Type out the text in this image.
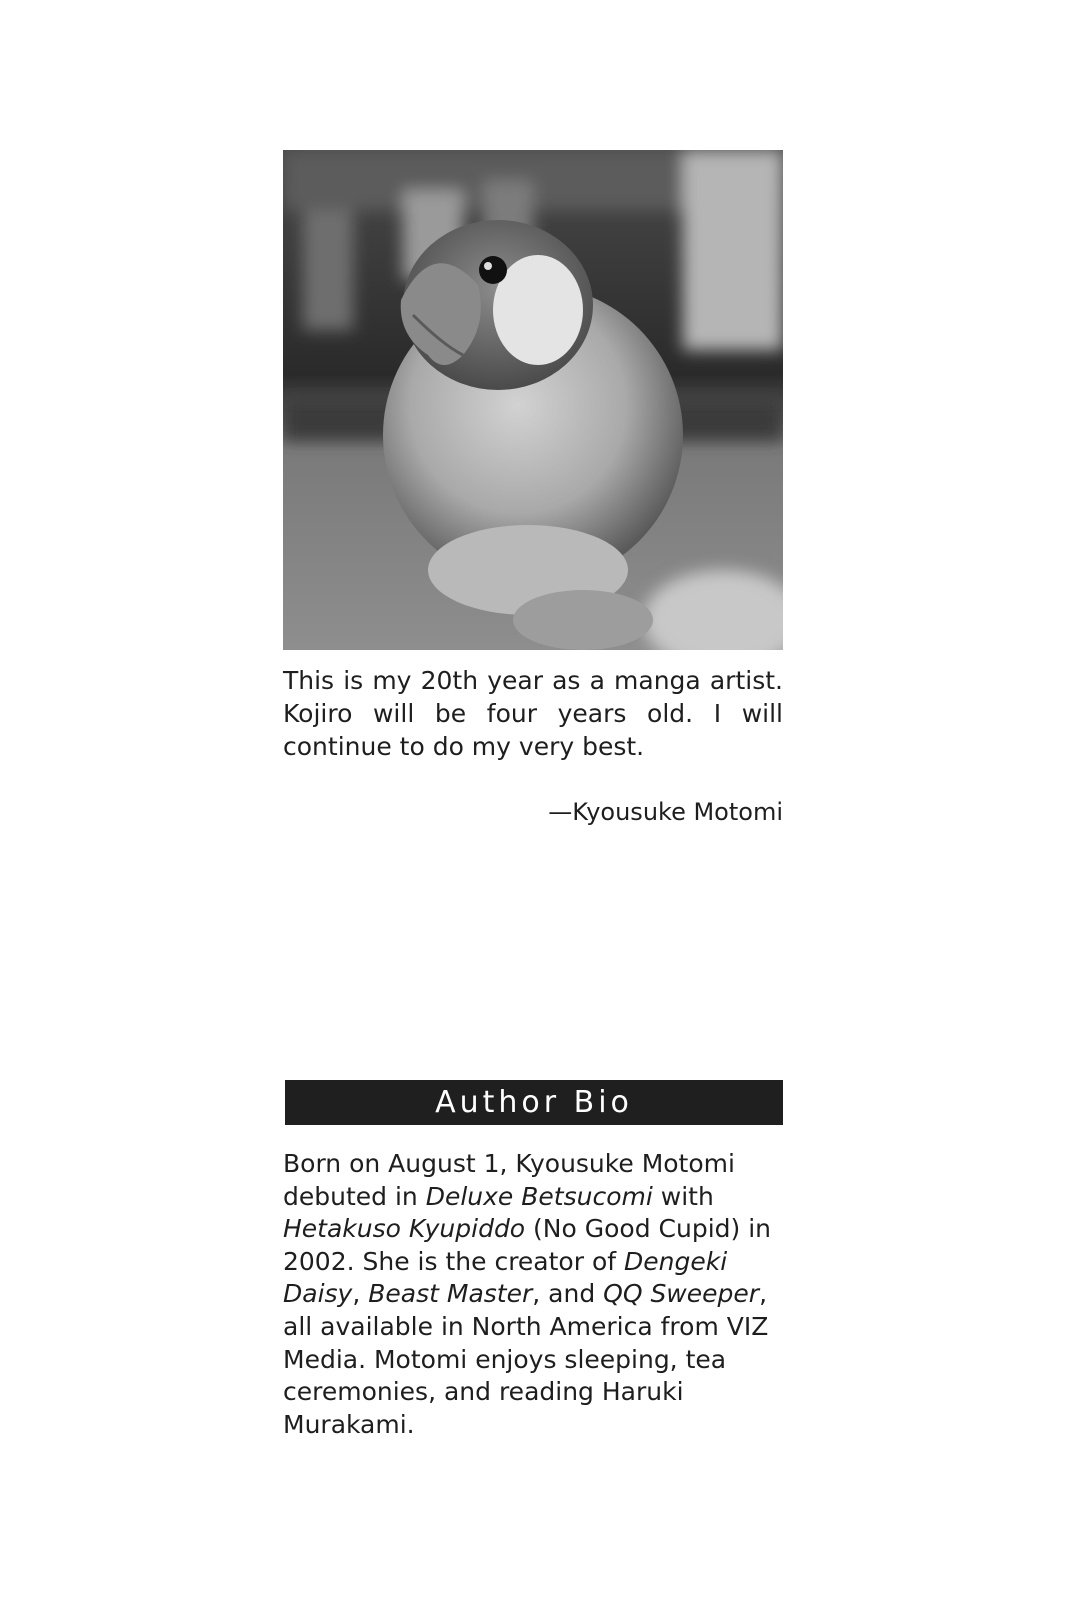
This is my 20th year as a manga artist. Kojiro will be four years old. I will continue to do my very best.

—Kyousuke Motomi

Author Bio

Born on August 1, Kyousuke Motomi debuted in Deluxe Betsucomi with Hetakuso Kyupiddo (No Good Cupid) in 2002. She is the creator of Dengeki Daisy, Beast Master, and QQ Sweeper, all available in North America from VIZ Media. Motomi enjoys sleeping, tea ceremonies, and reading Haruki Murakami.
